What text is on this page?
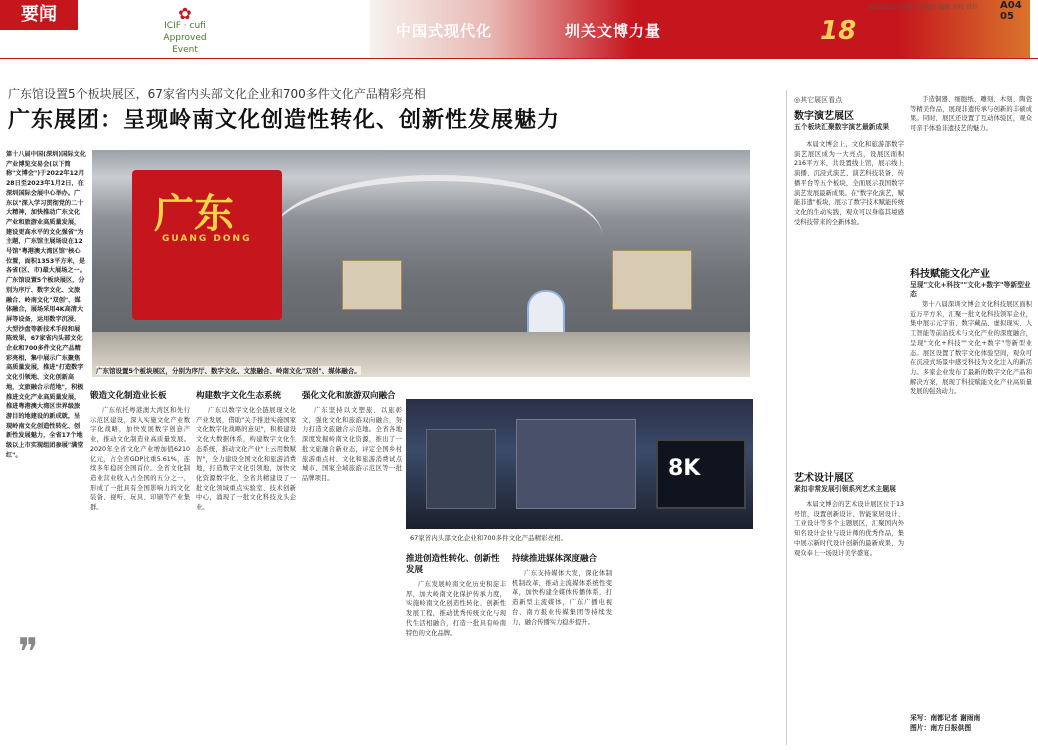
要闻	✿
ICIF · cufi
Approved Event
中国式现代化	圳关文博力量	18
2022年12月29日 星期四 编辑 审校 设计 A04 05
广东馆设置5个板块展区，67家省内头部文化企业和700多件文化产品精彩亮相
广东展团：呈现岭南文化创造性转化、创新性发展魅力
第十八届中国(深圳)国际文化产业博览交易会(以下简称"文博会")于2022年12月28日至2023年1月2日，在深圳国际会展中心举办。广东以"深入学习贯彻党的二十大精神，加快推动广东文化产业和旅游业高质量发展，建设更高水平的文化强省"为主题，广东馆主展场设在12号馆"粤港澳大湾区馆"核心位置，面积1353平方米，是各省(区、市)最大展场之一。广东馆设置5个板块展区，分别为序厅、数字文化、文旅融合、岭南文化"双创"、媒体融合，展场采用4K高清大屏等设备，运用数字沉浸、大型沙盘等新技术手段和展陈效果，67家省内头部文化企业和700多件文化产品精彩亮相，集中展示广东聚焦高质量发展，推进"打造数字文化引领地、文化创新高地，文旅融合示范地"，积极推进文化产业高质量发展，推进粤港澳大湾区世界级旅游目的地建设的新成就，呈现岭南文化创造性转化、创新性发展魅力，全省17个地级以上市实现组团参展"满堂红"。
❞
广东
GUANG DONG
广东馆设置5个板块展区，分别为序厅、数字文化、文旅融合、岭南文化"双创"、媒体融合。
锻造文化制造业长板

广东依托粤港澳大湾区和先行示范区建设，深入实施文化产业数字化战略，加快发展数字创意产业，推动文化制造业高质量发展。2020年全省文化产业增加值6210亿元，占全省GDP比重5.61%，连续多年稳居全国首位。全省文化制造业营业收入占全国的五分之一，形成了一批具有全国影响力的文化装备、视听、玩具、印刷等产业集群。

构建数字文化生态系统

广东以数字文化全链展现文化产业发展，借助"关于推进实施国家文化数字化战略的意见"，积极建设文化大数据体系，构建数字文化生态系统，推动文化产业"上云用数赋智"，全力建设全国文化和旅游消费地，打造数字文化引领地，加快文化资源数字化，全省共精建设了一批文化领域重点实验室、技术创新中心，涌现了一批文化科技龙头企业。

强化文化和旅游双向融合

广东坚持以文塑旅、以旅彰文，强化文化和旅游双向融合，努力打造文旅融合示范地。全省各地深度发掘岭南文化资源，推出了一批文旅融合新业态，评定全国乡村旅游重点村、文化和旅游消费试点城市、国家全域旅游示范区等一批品牌项目。	8K
67家省内头部文化企业和700多件文化产品精彩亮相。
推进创造性转化、创新性发展

广东发展岭南文化历史积淀丰厚，加大岭南文化保护传承力度，实施岭南文化创造性转化、创新性发展工程，推动优秀传统文化与现代生活相融合，打造一批具有岭南特色的文化品牌。

持续推进媒体深度融合

广东支持媒体大发，深化体制机制改革，推动主流媒体系统性变革，加快构建全媒体传播体系，打造新型主流媒体，广东广播电视台、南方报业传媒集团等持续发力，融合传播实力稳步提升。

◎其它展区看点
数字演艺展区
五个板块汇聚数字演艺最新成果

本届文博会上，文化和旅游部数字演艺展区成为一大亮点，设展区面积216平方米，共设置线上馆，展示线上演播、沉浸式演艺、演艺科技装备、传播平台等五个板块，全面展示我国数字演艺发展最新成果。在"数字化演艺，赋能非遗"板块，展示了数字技术赋能传统文化的生动实践，观众可以身临其境感受科技带来的全新体验。

艺术设计展区
紧扣非常发展引领系列艺术主题展

本届文博会的艺术设计展区位于13号馆，设置创新设计、智能家居设计、工业设计等多个主题展区，汇聚国内外知名设计企业与设计师的优秀作品，集中展示新时代设计创新的最新成果，为观众奉上一场设计美学盛宴。

手造铜器、细胞纸、雕刻、木刻、陶瓷等精美作品，展现非遗传承与创新的丰硕成果。同时，展区还设置了互动体验区，观众可亲手体验非遗技艺的魅力。

科技赋能文化产业
呈现"文化+科技""文化+数字"等新型业态

第十八届深圳文博会文化科技展区面积近万平方米，汇聚一批文化科技领军企业，集中展示元宇宙、数字藏品、虚拟现实、人工智能等前沿技术与文化产业的深度融合，呈现"文化+科技""文化+数字"等新型业态。展区设置了数字文化体验空间，观众可在沉浸式场景中感受科技为文化注入的新活力。多家企业发布了最新的数字文化产品和解决方案，展现了科技赋能文化产业高质量发展的强劲动力。

采写：南都记者 谢雨南
图片：南方日报供图
